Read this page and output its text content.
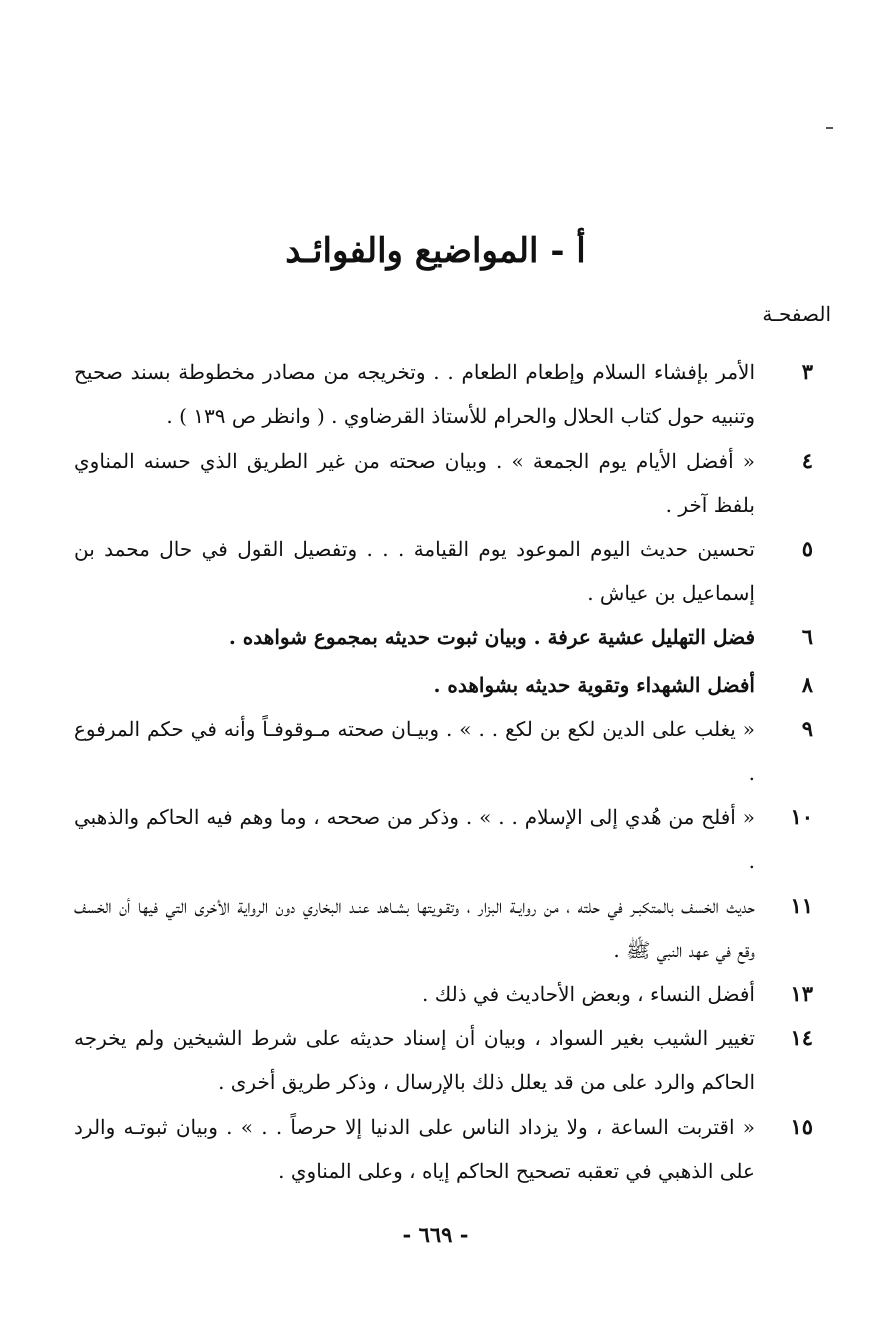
أ - المواضيع والفوائـد
الصفحـة
٣
الأمر بإفشاء السلام وإطعام الطعام . . وتخريجه من مصادر مخطوطة بسند صحيح وتنبيه حول كتاب الحلال والحرام للأستاذ القرضاوي . ( وانظر ص ١٣٩ ) .
٤
« أفضل الأيام يوم الجمعة » . وبيان صحته من غير الطريق الذي حسنه المناوي بلفظ آخر .
٥
تحسين حديث اليوم الموعود يوم القيامة . . . وتفصيل القول في حال محمد بن إسماعيل بن عياش .
٦
فضل التهليل عشية عرفة . وبيان ثبوت حديثه بمجموع شواهده .
٨
أفضل الشهداء وتقوية حديثه بشواهده .
٩
« يغلب على الدين لكع بن لكع . . » . وبيـان صحته مـوقوفـاً وأنه في حكم المرفوع .
١٠
« أفلح من هُدي إلى الإسلام . . » . وذكر من صححه ، وما وهم فيه الحاكم والذهبي .
١١
حديث الخسف بالمتكبـر في حلته ، من روايـة البزار ، وتقـويتها بشـاهد عنـد البخاري دون الرواية الأخرى التي فيها أن الخسف وقع في عهد النبي ﷺ .
١٣
أفضل النساء ، وبعض الأحاديث في ذلك .
١٤
تغيير الشيب بغير السواد ، وبيان أن إسناد حديثه على شرط الشيخين ولم يخرجه الحاكم والرد على من قد يعلل ذلك بالإرسال ، وذكر طريق أخرى .
١٥
« اقتربت الساعة ، ولا يزداد الناس على الدنيا إلا حرصاً . . » . وبيان ثبوتـه والرد على الذهبي في تعقبه تصحيح الحاكم إياه ، وعلى المناوي .
- ٦٦٩ -
